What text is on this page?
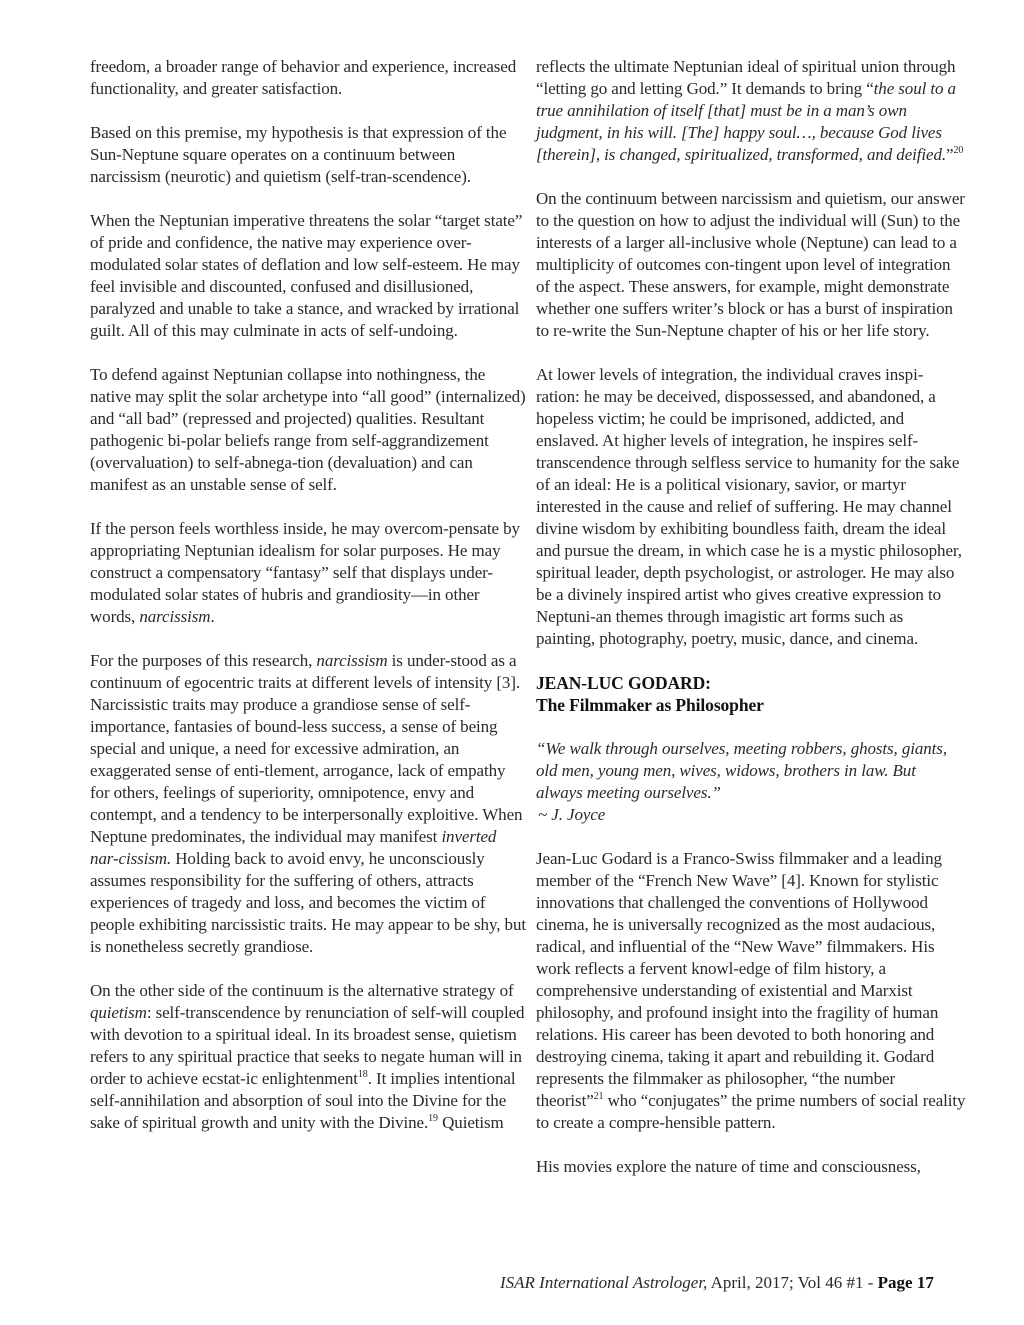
freedom, a broader range of behavior and experience, increased functionality, and greater satisfaction.

Based on this premise, my hypothesis is that expression of the Sun-Neptune square operates on a continuum between narcissism (neurotic) and quietism (self-tran-scendence).

When the Neptunian imperative threatens the solar “target state” of pride and confidence, the native may experience over-modulated solar states of deflation and low self-esteem. He may feel invisible and discounted, confused and disillusioned, paralyzed and unable to take a stance, and wracked by irrational guilt. All of this may culminate in acts of self-undoing.

To defend against Neptunian collapse into nothingness, the native may split the solar archetype into “all good” (internalized) and “all bad” (repressed and projected) qualities. Resultant pathogenic bi-polar beliefs range from self-aggrandizement (overvaluation) to self-abnega-tion (devaluation) and can manifest as an unstable sense of self.

If the person feels worthless inside, he may overcom-pensate by appropriating Neptunian idealism for solar purposes. He may construct a compensatory “fantasy” self that displays under-modulated solar states of hubris and grandiosity—in other words, narcissism.

For the purposes of this research, narcissism is under-stood as a continuum of egocentric traits at different levels of intensity [3]. Narcissistic traits may produce a grandiose sense of self-importance, fantasies of bound-less success, a sense of being special and unique, a need for excessive admiration, an exaggerated sense of enti-tlement, arrogance, lack of empathy for others, feelings of superiority, omnipotence, envy and contempt, and a tendency to be interpersonally exploitive. When Neptune predominates, the individual may manifest inverted nar-cissism. Holding back to avoid envy, he unconsciously assumes responsibility for the suffering of others, attracts experiences of tragedy and loss, and becomes the victim of people exhibiting narcissistic traits. He may appear to be shy, but is nonetheless secretly grandiose.

On the other side of the continuum is the alternative strategy of quietism: self-transcendence by renunciation of self-will coupled with devotion to a spiritual ideal. In its broadest sense, quietism refers to any spiritual practice that seeks to negate human will in order to achieve ecstat-ic enlightenment$^{18}$. It implies intentional self-annihilation and absorption of soul into the Divine for the sake of spiritual growth and unity with the Divine.$^{19}$ Quietism

reflects the ultimate Neptunian ideal of spiritual union through “letting go and letting God.” It demands to bring “the soul to a true annihilation of itself [that] must be in a man’s own judgment, in his will. [The] happy soul…, because God lives [therein], is changed, spiritualized, transformed, and deified.”$^{20}$

On the continuum between narcissism and quietism, our answer to the question on how to adjust the individual will (Sun) to the interests of a larger all-inclusive whole (Neptune) can lead to a multiplicity of outcomes con-tingent upon level of integration of the aspect. These answers, for example, might demonstrate whether one suffers writer’s block or has a burst of inspiration to re-write the Sun-Neptune chapter of his or her life story.

At lower levels of integration, the individual craves inspi-ration: he may be deceived, dispossessed, and abandoned, a hopeless victim; he could be imprisoned, addicted, and enslaved. At higher levels of integration, he inspires self-transcendence through selfless service to humanity for the sake of an ideal: He is a political visionary, savior, or martyr interested in the cause and relief of suffering. He may channel divine wisdom by exhibiting boundless faith, dream the ideal and pursue the dream, in which case he is a mystic philosopher, spiritual leader, depth psychologist, or astrologer. He may also be a divinely inspired artist who gives creative expression to Neptuni-an themes through imagistic art forms such as painting, photography, poetry, music, dance, and cinema.

JEAN-LUC GODARD:
The Filmmaker as Philosopher
“We walk through ourselves, meeting robbers, ghosts, giants, old men, young men, wives, widows, brothers in law. But always meeting ourselves.”
~ J. Joyce

Jean-Luc Godard is a Franco-Swiss filmmaker and a leading member of the “French New Wave” [4]. Known for stylistic innovations that challenged the conventions of Hollywood cinema, he is universally recognized as the most audacious, radical, and influential of the “New Wave” filmmakers. His work reflects a fervent knowl-edge of film history, a comprehensive understanding of existential and Marxist philosophy, and profound insight into the fragility of human relations. His career has been devoted to both honoring and destroying cinema, taking it apart and rebuilding it. Godard represents the filmmaker as philosopher, “the number theorist”$^{21}$ who “conjugates” the prime numbers of social reality to create a compre-hensible pattern.

His movies explore the nature of time and consciousness,

ISAR International Astrologer, April, 2017; Vol 46 #1 - Page 17
